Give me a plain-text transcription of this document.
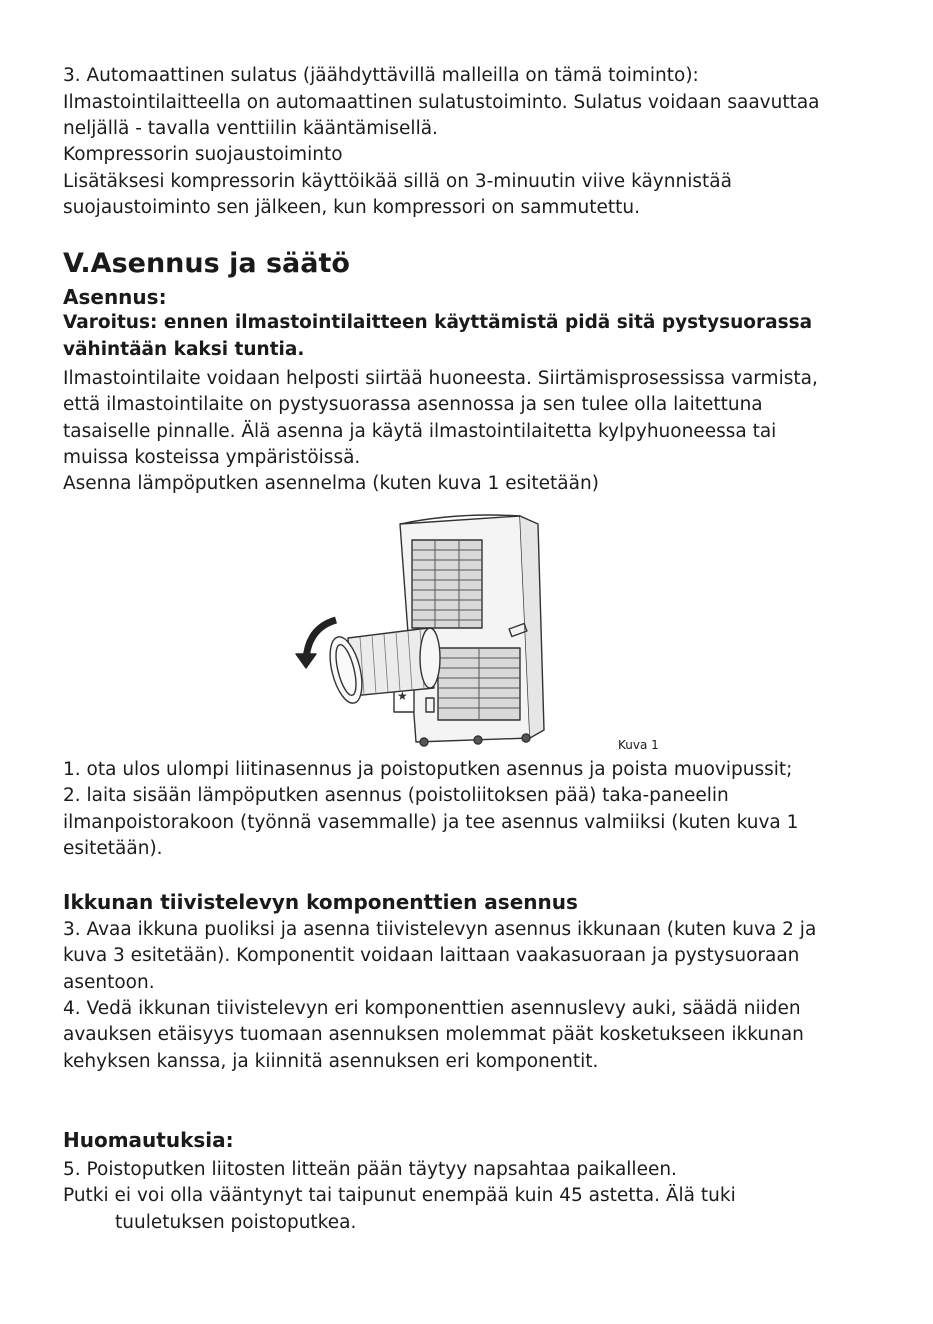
3. Automaattinen sulatus (jäähdyttävillä malleilla on tämä toiminto):
Ilmastointilaitteella on automaattinen sulatustoiminto. Sulatus voidaan saavuttaa
neljällä - tavalla venttiilin kääntämisellä.
Kompressorin suojaustoiminto
Lisätäksesi kompressorin käyttöikää sillä on 3-minuutin viive käynnistää
suojaustoiminto sen jälkeen, kun kompressori on sammutettu.
V.Asennus ja säätö
Asennus:
Varoitus: ennen ilmastointilaitteen käyttämistä pidä sitä pystysuorassa
vähintään kaksi tuntia.
Ilmastointilaite voidaan helposti siirtää huoneesta. Siirtämisprosessissa varmista,
että ilmastointilaite on pystysuorassa asennossa ja sen tulee olla laitettuna
tasaiselle pinnalle. Älä asenna ja käytä ilmastointilaitetta kylpyhuoneessa tai
muissa kosteissa ympäristöissä.
Asenna lämpöputken asennelma (kuten kuva 1 esitetään)
★
Kuva 1
1. ota ulos ulompi liitinasennus ja poistoputken asennus ja poista muovipussit;
2. laita sisään lämpöputken asennus (poistoliitoksen pää) taka-paneelin
ilmanpoistorakoon (työnnä vasemmalle) ja tee asennus valmiiksi (kuten kuva 1
esitetään).
Ikkunan tiivistelevyn komponenttien asennus
3. Avaa ikkuna puoliksi ja asenna tiivistelevyn asennus ikkunaan (kuten kuva 2 ja
kuva 3 esitetään). Komponentit voidaan laittaan vaakasuoraan ja pystysuoraan
asentoon.
4. Vedä ikkunan tiivistelevyn eri komponenttien asennuslevy auki, säädä niiden
avauksen etäisyys tuomaan asennuksen molemmat päät kosketukseen ikkunan
kehyksen kanssa, ja kiinnitä asennuksen eri komponentit.
Huomautuksia:
5. Poistoputken liitosten litteän pään täytyy napsahtaa paikalleen.
Putki ei voi olla vääntynyt tai taipunut enempää kuin 45 astetta. Älä tuki
tuuletuksen poistoputkea.
